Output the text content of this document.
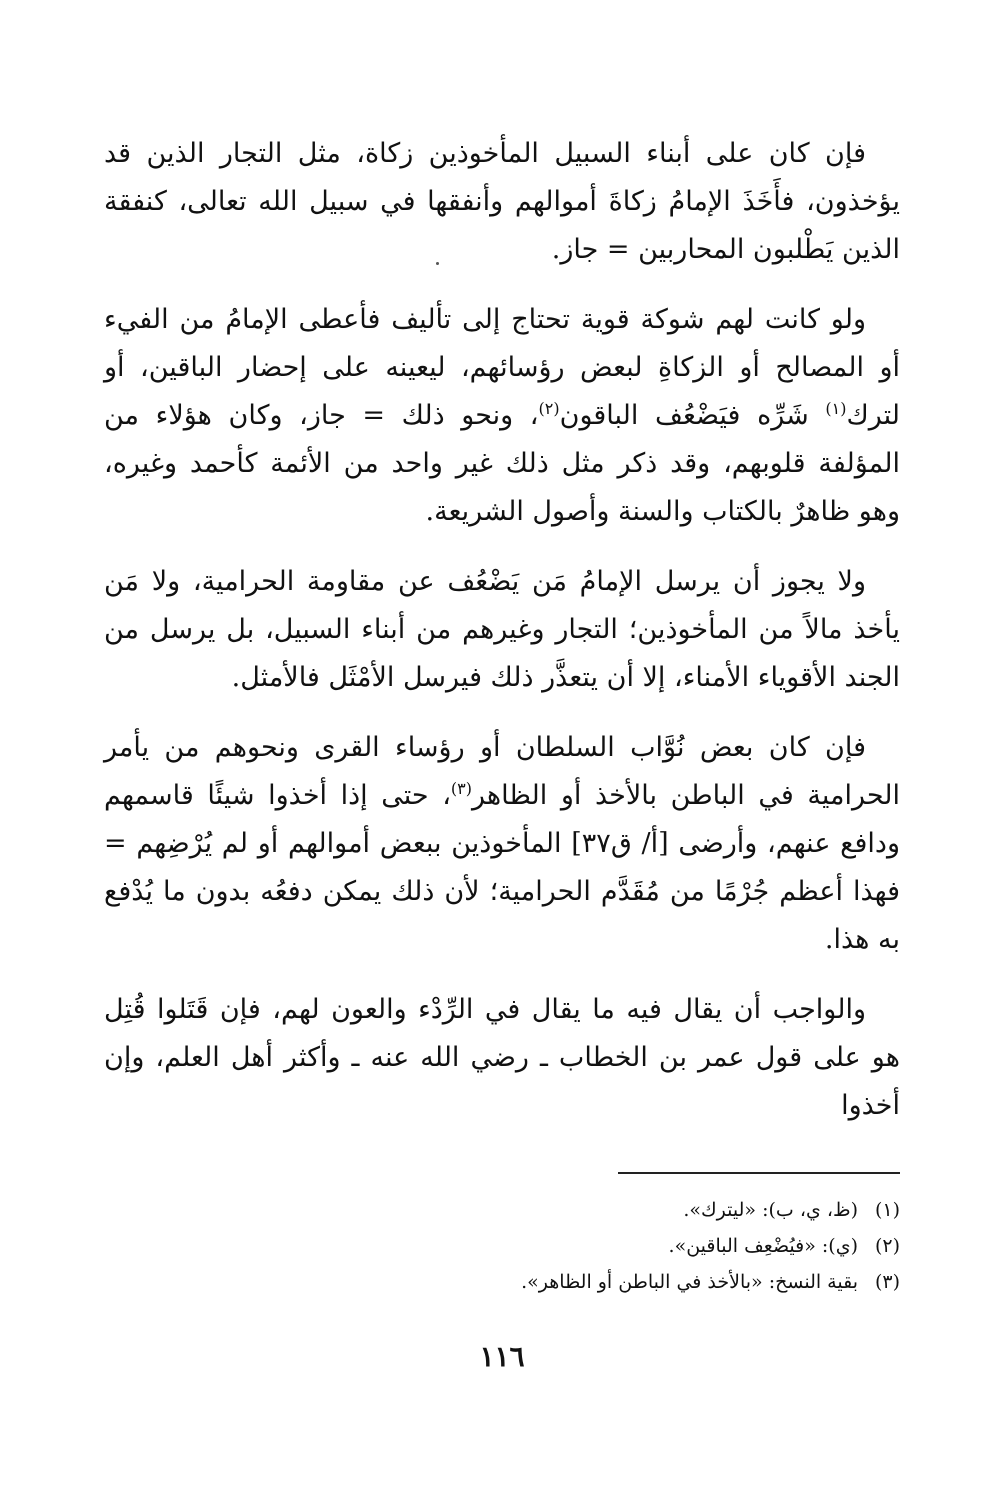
فإن كان على أبناء السبيل المأخوذين زكاة، مثل التجار الذين قد يؤخذون، فأَخَذَ الإمامُ زكاةَ أموالهم وأنفقها في سبيل الله تعالى، كنفقة الذين يَطْلبون المحاربين = جاز.

ولو كانت لهم شوكة قوية تحتاج إلى تأليف فأعطى الإمامُ من الفيء أو المصالح أو الزكاةِ لبعض رؤسائهم، ليعينه على إحضار الباقين، أو لترك$^{(١)}$ شَرِّه فيَضْعُف الباقون$^{(٢)}$، ونحو ذلك = جاز، وكان هؤلاء من المؤلفة قلوبهم، وقد ذكر مثل ذلك غير واحد من الأئمة كأحمد وغيره، وهو ظاهرٌ بالكتاب والسنة وأصول الشريعة.

ولا يجوز أن يرسل الإمامُ مَن يَضْعُف عن مقاومة الحرامية، ولا مَن يأخذ مالاً من المأخوذين؛ التجار وغيرهم من أبناء السبيل، بل يرسل من الجند الأقوياء الأمناء، إلا أن يتعذَّر ذلك فيرسل الأمْثَل فالأمثل.

فإن كان بعض نُوَّاب السلطان أو رؤساء القرى ونحوهم من يأمر الحرامية في الباطن بالأخذ أو الظاهر$^{(٣)}$، حتى إذا أخذوا شيئًا قاسمهم ودافع عنهم، وأرضى [أ/ ق٣٧] المأخوذين ببعض أموالهم أو لم يُرْضِهم = فهذا أعظم جُرْمًا من مُقَدَّم الحرامية؛ لأن ذلك يمكن دفعُه بدون ما يُدْفع به هذا.

والواجب أن يقال فيه ما يقال في الرِّدْء والعون لهم، فإن قَتَلوا قُتِل هو على قول عمر بن الخطاب ـ رضي الله عنه ـ وأكثر أهل العلم، وإن أخذوا

(١)
(ظ، ي، ب): «ليترك».

(٢)
(ي): «فيُضْعِف الباقين».

(٣)
بقية النسخ: «بالأخذ في الباطن أو الظاهر».

١١٦
